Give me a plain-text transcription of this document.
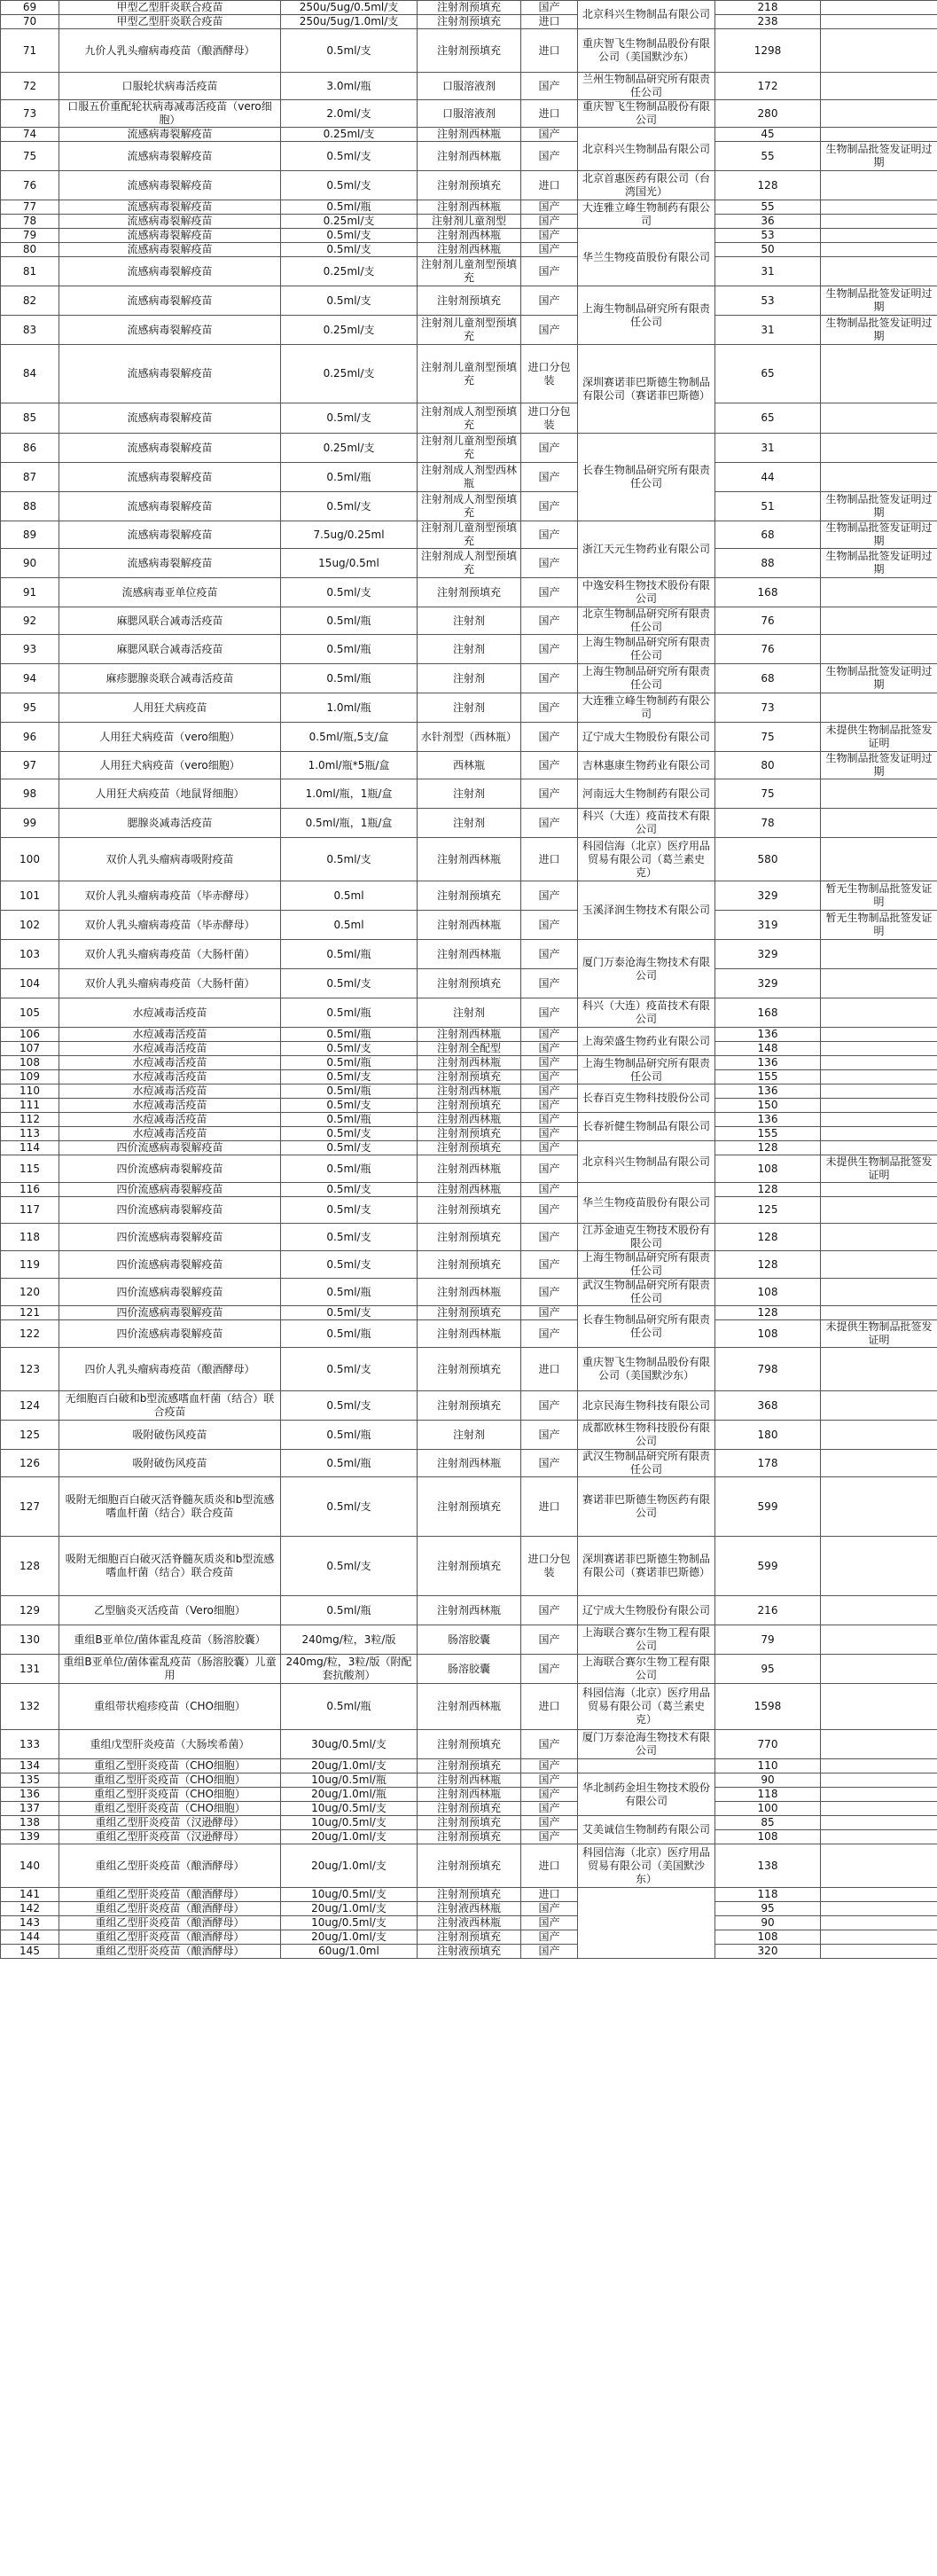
69	甲型乙型肝炎联合疫苗	250u/5ug/0.5ml/支	注射剂预填充	国产	北京科兴生物制品有限公司	218	
70	甲型乙型肝炎联合疫苗	250u/5ug/1.0ml/支	注射剂预填充	进口		238	
71	九价人乳头瘤病毒疫苗（酿酒酵母）	0.5ml/支	注射剂预填充	进口	重庆智飞生物制品股份有限公司（美国默沙东）	1298	
72	口服轮状病毒活疫苗	3.0ml/瓶	口服溶液剂	国产	兰州生物制品研究所有限责任公司	172	
73	口服五价重配轮状病毒减毒活疫苗（vero细胞）	2.0ml/支	口服溶液剂	进口	重庆智飞生物制品股份有限公司	280	
74	流感病毒裂解疫苗	0.25ml/支	注射剂西林瓶	国产	北京科兴生物制品有限公司	45	
75	流感病毒裂解疫苗	0.5ml/支	注射剂西林瓶	国产		55	生物制品批签发证明过期
76	流感病毒裂解疫苗	0.5ml/支	注射剂预填充	进口	北京首惠医药有限公司（台湾国光）	128	
77	流感病毒裂解疫苗	0.5ml/瓶	注射剂西林瓶	国产	大连雅立峰生物制药有限公司	55	
78	流感病毒裂解疫苗	0.25ml/支	注射剂儿童剂型	国产		36	
79	流感病毒裂解疫苗	0.5ml/支	注射剂西林瓶	国产	华兰生物疫苗股份有限公司	53	
80	流感病毒裂解疫苗	0.5ml/支	注射剂西林瓶	国产		50	
81	流感病毒裂解疫苗	0.25ml/支	注射剂儿童剂型预填充	国产		31	
82	流感病毒裂解疫苗	0.5ml/支	注射剂预填充	国产	上海生物制品研究所有限责任公司	53	生物制品批签发证明过期
83	流感病毒裂解疫苗	0.25ml/支	注射剂儿童剂型预填充	国产		31	生物制品批签发证明过期
84	流感病毒裂解疫苗	0.25ml/支	注射剂儿童剂型预填充	进口分包装	深圳赛诺菲巴斯德生物制品有限公司（赛诺菲巴斯德）	65	
85	流感病毒裂解疫苗	0.5ml/支	注射剂成人剂型预填充	进口分包装		65	
86	流感病毒裂解疫苗	0.25ml/支	注射剂儿童剂型预填充	国产	长春生物制品研究所有限责任公司	31	
87	流感病毒裂解疫苗	0.5ml/瓶	注射剂成人剂型西林瓶	国产		44	
88	流感病毒裂解疫苗	0.5ml/支	注射剂成人剂型预填充	国产		51	生物制品批签发证明过期
89	流感病毒裂解疫苗	7.5ug/0.25ml	注射剂儿童剂型预填充	国产	浙江天元生物药业有限公司	68	生物制品批签发证明过期
90	流感病毒裂解疫苗	15ug/0.5ml	注射剂成人剂型预填充	国产		88	生物制品批签发证明过期
91	流感病毒亚单位疫苗	0.5ml/支	注射剂预填充	国产	中逸安科生物技术股份有限公司	168	
92	麻腮风联合减毒活疫苗	0.5ml/瓶	注射剂	国产	北京生物制品研究所有限责任公司	76	
93	麻腮风联合减毒活疫苗	0.5ml/瓶	注射剂	国产	上海生物制品研究所有限责任公司	76	
94	麻疹腮腺炎联合减毒活疫苗	0.5ml/瓶	注射剂	国产	上海生物制品研究所有限责任公司	68	生物制品批签发证明过期
95	人用狂犬病疫苗	1.0ml/瓶	注射剂	国产	大连雅立峰生物制药有限公司	73	
96	人用狂犬病疫苗（vero细胞）	0.5ml/瓶,5支/盒	水针剂型（西林瓶）	国产	辽宁成大生物股份有限公司	75	未提供生物制品批签发证明
97	人用狂犬病疫苗（vero细胞）	1.0ml/瓶*5瓶/盒	西林瓶	国产	吉林惠康生物药业有限公司	80	生物制品批签发证明过期
98	人用狂犬病疫苗（地鼠肾细胞）	1.0ml/瓶，1瓶/盒	注射剂	国产	河南远大生物制药有限公司	75	
99	腮腺炎减毒活疫苗	0.5ml/瓶，1瓶/盒	注射剂	国产	科兴（大连）疫苗技术有限公司	78	
100	双价人乳头瘤病毒吸附疫苗	0.5ml/支	注射剂西林瓶	进口	科园信海（北京）医疗用品贸易有限公司（葛兰素史克）	580	
101	双价人乳头瘤病毒疫苗（毕赤酵母）	0.5ml	注射剂预填充	国产	玉溪泽润生物技术有限公司	329	暂无生物制品批签发证明
102	双价人乳头瘤病毒疫苗（毕赤酵母）	0.5ml	注射剂西林瓶	国产		319	暂无生物制品批签发证明
103	双价人乳头瘤病毒疫苗（大肠杆菌）	0.5ml/瓶	注射剂西林瓶	国产	厦门万泰沧海生物技术有限公司	329	
104	双价人乳头瘤病毒疫苗（大肠杆菌）	0.5ml/支	注射剂预填充	国产		329	
105	水痘减毒活疫苗	0.5ml/瓶	注射剂	国产	科兴（大连）疫苗技术有限公司	168	
106	水痘减毒活疫苗	0.5ml/瓶	注射剂西林瓶	国产	上海荣盛生物药业有限公司	136	
107	水痘减毒活疫苗	0.5ml/支	注射剂全配型	国产		148	
108	水痘减毒活疫苗	0.5ml/瓶	注射剂西林瓶	国产	上海生物制品研究所有限责任公司	136	
109	水痘减毒活疫苗	0.5ml/支	注射剂预填充	国产		155	
110	水痘减毒活疫苗	0.5ml/瓶	注射剂西林瓶	国产	长春百克生物科技股份公司	136	
111	水痘减毒活疫苗	0.5ml/支	注射剂预填充	国产		150	
112	水痘减毒活疫苗	0.5ml/瓶	注射剂西林瓶	国产	长春祈健生物制品有限公司	136	
113	水痘减毒活疫苗	0.5ml/支	注射剂预填充	国产		155	
114	四价流感病毒裂解疫苗	0.5ml/支	注射剂预填充	国产	北京科兴生物制品有限公司	128	
115	四价流感病毒裂解疫苗	0.5ml/瓶	注射剂西林瓶	国产		108	未提供生物制品批签发证明
116	四价流感病毒裂解疫苗	0.5ml/支	注射剂西林瓶	国产	华兰生物疫苗股份有限公司	128	
117	四价流感病毒裂解疫苗	0.5ml/支	注射剂预填充	国产		125	
118	四价流感病毒裂解疫苗	0.5ml/支	注射剂预填充	国产	江苏金迪克生物技术股份有限公司	128	
119	四价流感病毒裂解疫苗	0.5ml/支	注射剂预填充	国产	上海生物制品研究所有限责任公司	128	
120	四价流感病毒裂解疫苗	0.5ml/瓶	注射剂西林瓶	国产	武汉生物制品研究所有限责任公司	108	
121	四价流感病毒裂解疫苗	0.5ml/支	注射剂预填充	国产	长春生物制品研究所有限责任公司	128	
122	四价流感病毒裂解疫苗	0.5ml/瓶	注射剂西林瓶	国产		108	未提供生物制品批签发证明
123	四价人乳头瘤病毒疫苗（酿酒酵母）	0.5ml/支	注射剂预填充	进口	重庆智飞生物制品股份有限公司（美国默沙东）	798	
124	无细胞百白破和b型流感嗜血杆菌（结合）联合疫苗	0.5ml/支	注射剂预填充	国产	北京民海生物科技有限公司	368	
125	吸附破伤风疫苗	0.5ml/瓶	注射剂	国产	成都欧林生物科技股份有限公司	180	
126	吸附破伤风疫苗	0.5ml/瓶	注射剂西林瓶	国产	武汉生物制品研究所有限责任公司	178	
127	吸附无细胞百白破灭活脊髓灰质炎和b型流感嗜血杆菌（结合）联合疫苗	0.5ml/支	注射剂预填充	进口	赛诺菲巴斯德生物医药有限公司	599	
128	吸附无细胞百白破灭活脊髓灰质炎和b型流感嗜血杆菌（结合）联合疫苗	0.5ml/支	注射剂预填充	进口分包装	深圳赛诺菲巴斯德生物制品有限公司（赛诺菲巴斯德）	599	
129	乙型脑炎灭活疫苗（Vero细胞）	0.5ml/瓶	注射剂西林瓶	国产	辽宁成大生物股份有限公司	216	
130	重组B亚单位/菌体霍乱疫苗（肠溶胶囊）	240mg/粒，3粒/版	肠溶胶囊	国产	上海联合赛尔生物工程有限公司	79	
131	重组B亚单位/菌体霍乱疫苗（肠溶胶囊）儿童用	240mg/粒，3粒/版（附配套抗酸剂）	肠溶胶囊	国产	上海联合赛尔生物工程有限公司	95	
132	重组带状疱疹疫苗（CHO细胞）	0.5ml/瓶	注射剂西林瓶	进口	科园信海（北京）医疗用品贸易有限公司（葛兰素史克）	1598	
133	重组戊型肝炎疫苗（大肠埃希菌）	30ug/0.5ml/支	注射剂预填充	国产	厦门万泰沧海生物技术有限公司	770	
134	重组乙型肝炎疫苗（CHO细胞）	20ug/1.0ml/支	注射剂预填充	国产		110	
135	重组乙型肝炎疫苗（CHO细胞）	10ug/0.5ml/瓶	注射剂西林瓶	国产	华北制药金坦生物技术股份有限公司	90	
136	重组乙型肝炎疫苗（CHO细胞）	20ug/1.0ml/瓶	注射剂西林瓶	国产		118	
137	重组乙型肝炎疫苗（CHO细胞）	10ug/0.5ml/支	注射剂预填充	国产		100	
138	重组乙型肝炎疫苗（汉逊酵母）	10ug/0.5ml/支	注射剂预填充	国产	艾美诚信生物制药有限公司	85	
139	重组乙型肝炎疫苗（汉逊酵母）	20ug/1.0ml/支	注射剂预填充	国产		108	
140	重组乙型肝炎疫苗（酿酒酵母）	20ug/1.0ml/支	注射剂预填充	进口	科园信海（北京）医疗用品贸易有限公司（美国默沙东）	138	
141	重组乙型肝炎疫苗（酿酒酵母）	10ug/0.5ml/支	注射剂预填充	进口		118	
142	重组乙型肝炎疫苗（酿酒酵母）	20ug/1.0ml/支	注射液西林瓶	国产		95	
143	重组乙型肝炎疫苗（酿酒酵母）	10ug/0.5ml/支	注射液西林瓶	国产		90	
144	重组乙型肝炎疫苗（酿酒酵母）	20ug/1.0ml/支	注射剂预填充	国产		108	
145	重组乙型肝炎疫苗（酿酒酵母）	60ug/1.0ml	注射液预填充	国产		320	
